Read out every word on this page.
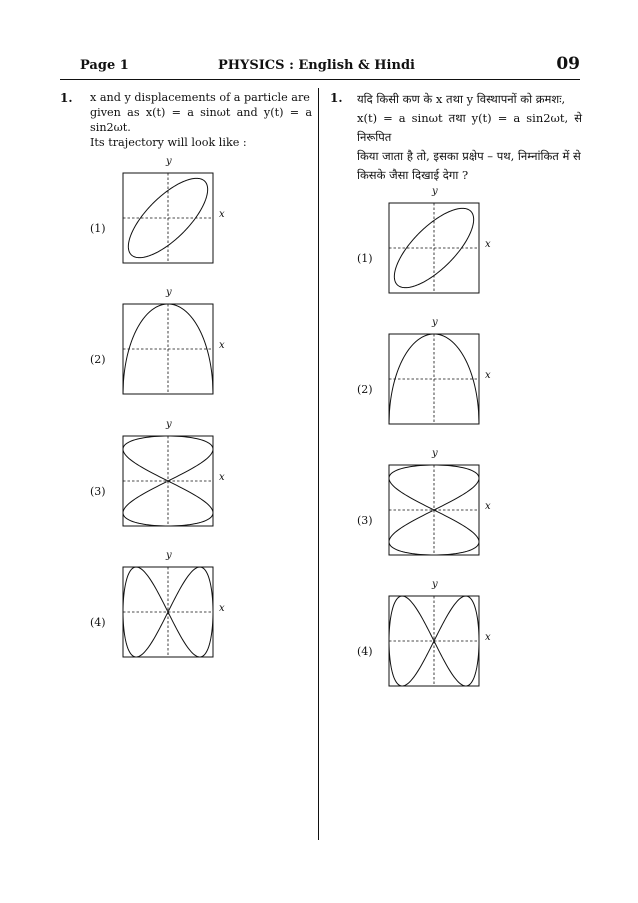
Page 1	PHYSICS : English & Hindi	09
1. x and y displacements of a particle are
given as x(t) = a sinωt and y(t) = a sin2ωt.
Its trajectory will look like :
1. यदि किसी कण के x तथा y विस्थापनों को क्रमशः,
x(t) = a sinωt तथा y(t) = a sin2ωt, से निरूपित
किया जाता है तो, इसका प्रक्षेप – पथ, निम्नांकित में से
किसके जैसा दिखाई देगा ?
y
x
(1)
y
x
(2)
y
x
(3)
y
x
(4)
y
x
(1)
y
x
(2)
y
x
(3)
y
x
(4)
